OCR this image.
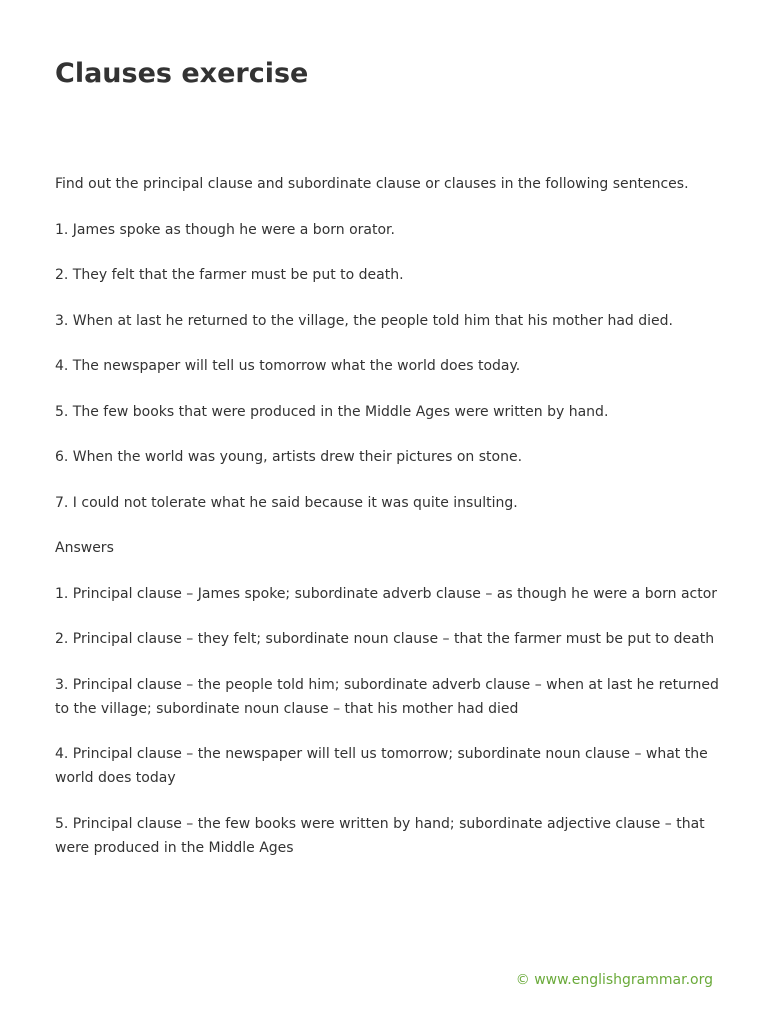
Clauses exercise

Find out the principal clause and subordinate clause or clauses in the following sentences.

1. James spoke as though he were a born orator.

2. They felt that the farmer must be put to death.

3. When at last he returned to the village, the people told him that his mother had died.

4. The newspaper will tell us tomorrow what the world does today.

5. The few books that were produced in the Middle Ages were written by hand.

6. When the world was young, artists drew their pictures on stone.

7. I could not tolerate what he said because it was quite insulting.

Answers

1. Principal clause – James spoke; subordinate adverb clause – as though he were a born actor

2. Principal clause – they felt; subordinate noun clause – that the farmer must be put to death

3. Principal clause – the people told him; subordinate adverb clause – when at last he returned to the village; subordinate noun clause – that his mother had died

4. Principal clause – the newspaper will tell us tomorrow; subordinate noun clause – what the world does today

5. Principal clause – the few books were written by hand; subordinate adjective clause – that were produced in the Middle Ages

© www.englishgrammar.org
